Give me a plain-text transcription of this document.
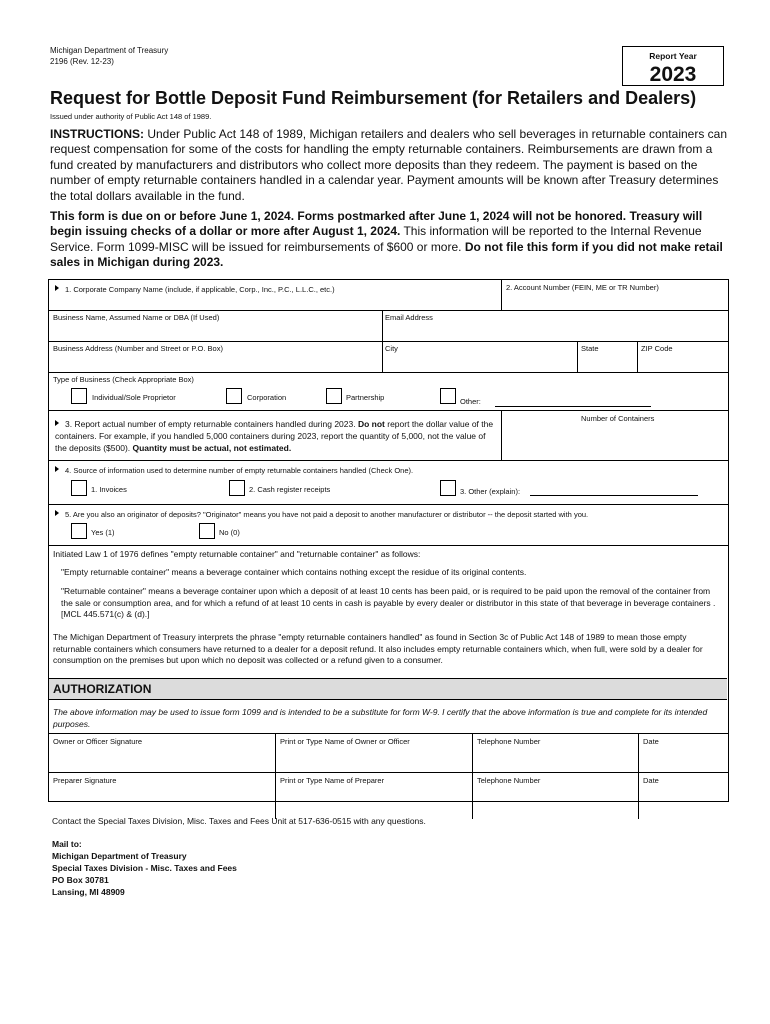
Michigan Department of Treasury
2196 (Rev. 12-23)
Report Year
2023
Request for Bottle Deposit Fund Reimbursement (for Retailers and Dealers)
Issued under authority of Public Act 148 of 1989.
INSTRUCTIONS: Under Public Act 148 of 1989, Michigan retailers and dealers who sell beverages in returnable containers can request compensation for some of the costs for handling the empty returnable containers. Reimbursements are drawn from a fund created by manufacturers and distributors who collect more deposits than they redeem. The payment is based on the number of empty returnable containers handled in a calendar year. Payment amounts will be known after Treasury determines the total dollars available in the fund.
This form is due on or before June 1, 2024. Forms postmarked after June 1, 2024 will not be honored. Treasury will begin issuing checks of a dollar or more after August 1, 2024. This information will be reported to the Internal Revenue Service. Form 1099-MISC will be issued for reimbursements of $600 or more. Do not file this form if you did not make retail sales in Michigan during 2023.
1. Corporate Company Name (include, if applicable, Corp., Inc., P.C., L.L.C., etc.)	2. Account Number (FEIN, ME or TR Number)
Business Name, Assumed Name or DBA (If Used)	Email Address
Business Address (Number and Street or P.O. Box)	City	State	ZIP Code
Type of Business (Check Appropriate Box)
Individual/Sole Proprietor	Corporation	Partnership	Other:
3. Report actual number of empty returnable containers handled during 2023. Do not report the dollar value of the containers. For example, if you handled 5,000 containers during 2023, report the quantity of 5,000, not the value of the deposits ($500). Quantity must be actual, not estimated.
Number of Containers
4. Source of information used to determine number of empty returnable containers handled (Check One).
1. Invoices	2. Cash register receipts	3. Other (explain):
5. Are you also an originator of deposits? "Originator" means you have not paid a deposit to another manufacturer or distributor -- the deposit started with you.
Yes (1)	No (0)
Initiated Law 1 of 1976 defines "empty returnable container" and "returnable container" as follows:
"Empty returnable container" means a beverage container which contains nothing except the residue of its original contents.
"Returnable container" means a beverage container upon which a deposit of at least 10 cents has been paid, or is required to be paid upon the removal of the container from the sale or consumption area, and for which a refund of at least 10 cents in cash is payable by every dealer or distributor in this state of that beverage in beverage containers . [MCL 445.571(c) & (d).]
The Michigan Department of Treasury interprets the phrase "empty returnable containers handled" as found in Section 3c of Public Act 148 of 1989 to mean those empty returnable containers which consumers have returned to a dealer for a deposit refund. It also includes empty returnable containers which, when full, were sold by a dealer for consumption on the premises but upon which no deposit was collected or a refund given to a consumer.
The above information may be used to issue form 1099 and is intended to be a substitute for form W-9. I certify that the above information is true and complete for its intended purposes.
Owner or Officer Signature	Print or Type Name of Owner or Officer	Telephone Number	Date
Preparer Signature	Print or Type Name of Preparer	Telephone Number	Date
AUTHORIZATION
Contact the Special Taxes Division, Misc. Taxes and Fees Unit at 517-636-0515 with any questions.
Mail to:
Michigan Department of Treasury
Special Taxes Division - Misc. Taxes and Fees
PO Box 30781
Lansing, MI 48909
